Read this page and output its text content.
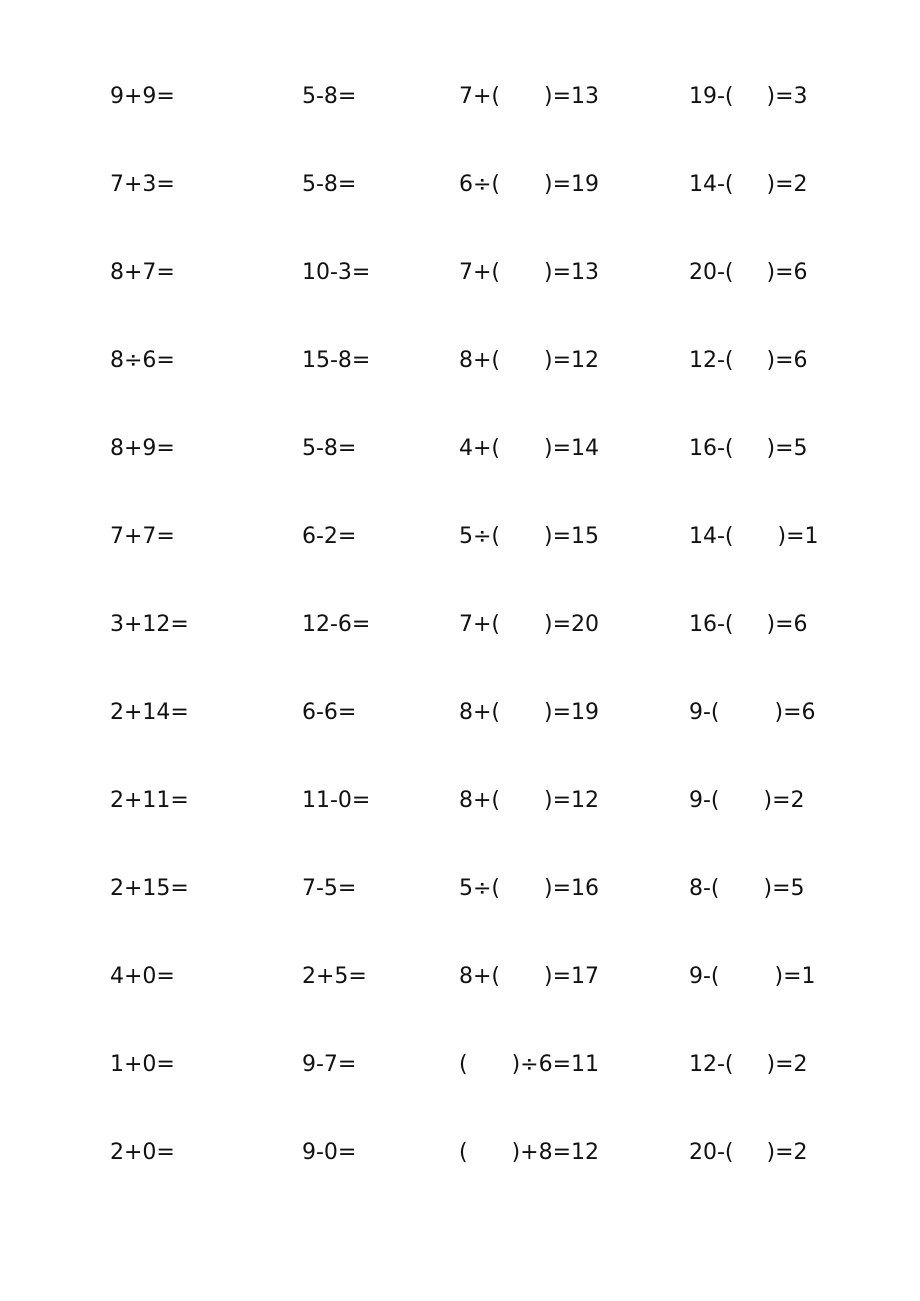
9+9=	5-8=	7+(    )=13	19-(   )=3
7+3=	5-8=	6÷(    )=19	14-(   )=2
8+7=	10-3=	7+(    )=13	20-(   )=6
8÷6=	15-8=	8+(    )=12	12-(   )=6
8+9=	5-8=	4+(    )=14	16-(   )=5
7+7=	6-2=	5÷(    )=15	14-(    )=1
3+12=	12-6=	7+(    )=20	16-(   )=6
2+14=	6-6=	8+(    )=19	9-(     )=6
2+11=	11-0=	8+(    )=12	9-(    )=2
2+15=	7-5=	5÷(    )=16	8-(    )=5
4+0=	2+5=	8+(    )=17	9-(     )=1
1+0=	9-7=	(    )÷6=11	12-(   )=2
2+0=	9-0=	(    )+8=12	20-(   )=2
